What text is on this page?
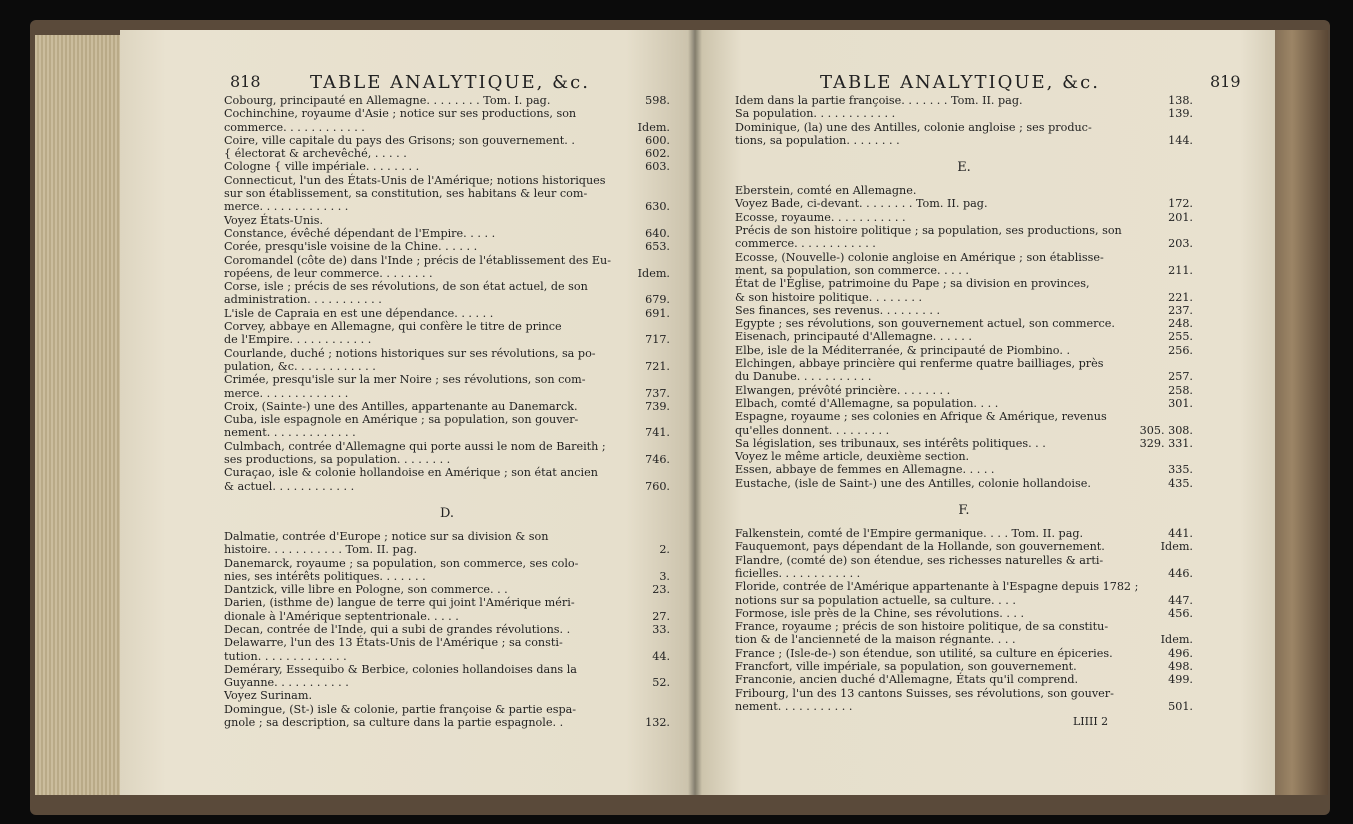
818	TABLE ANALYTIQUE, &c.
Cobourg, principauté en Allemagne. . . . . . . . Tom. I. pag.	598.
Cochinchine, royaume d'Asie ; notice sur ses productions, son
commerce. . . . . . . . . . . .	Idem.
Coire, ville capitale du pays des Grisons; son gouvernement. .	600.
{ électorat & archevêché, . . . . .	602.
Cologne { ville impériale. . . . . . . .	603.
Connecticut, l'un des États-Unis de l'Amérique; notions historiques
sur son établissement, sa constitution, ses habitans & leur com-
merce. . . . . . . . . . . . .	630.
Voyez États-Unis.
Constance, évêché dépendant de l'Empire. . . . .	640.
Corée, presqu'isle voisine de la Chine. . . . . .	653.
Coromandel (côte de) dans l'Inde ; précis de l'établissement des Eu-
ropéens, de leur commerce. . . . . . . .	Idem.
Corse, isle ; précis de ses révolutions, de son état actuel, de son
administration. . . . . . . . . . .	679.
L'isle de Capraia en est une dépendance. . . . . .	691.
Corvey, abbaye en Allemagne, qui confère le titre de prince
de l'Empire. . . . . . . . . . . .	717.
Courlande, duché ; notions historiques sur ses révolutions, sa po-
pulation, &c. . . . . . . . . . . .	721.
Crimée, presqu'isle sur la mer Noire ; ses révolutions, son com-
merce. . . . . . . . . . . . .	737.
Croix, (Sainte-) une des Antilles, appartenante au Danemarck.	739.
Cuba, isle espagnole en Amérique ; sa population, son gouver-
nement. . . . . . . . . . . . .	741.
Culmbach, contrée d'Allemagne qui porte aussi le nom de Bareith ;
ses productions, sa population. . . . . . . .	746.
Curaçao, isle & colonie hollandoise en Amérique ; son état ancien
& actuel. . . . . . . . . . . .	760.
D.
Dalmatie, contrée d'Europe ; notice sur sa division & son
histoire. . . . . . . . . . . Tom. II. pag.	2.
Danemarck, royaume ; sa population, son commerce, ses colo-
nies, ses intérêts politiques. . . . . . .	3.
Dantzick, ville libre en Pologne, son commerce. . .	23.
Darien, (isthme de) langue de terre qui joint l'Amérique méri-
dionale à l'Amérique septentrionale. . . . .	27.
Decan, contrée de l'Inde, qui a subi de grandes révolutions. .	33.
Delawarre, l'un des 13 États-Unis de l'Amérique ; sa consti-
tution. . . . . . . . . . . . .	44.
Demérary, Essequibo & Berbice, colonies hollandoises dans la
Guyanne. . . . . . . . . . .	52.
Voyez Surinam.
Domingue, (St-) isle & colonie, partie françoise & partie espa-
gnole ; sa description, sa culture dans la partie espagnole. .	132.
TABLE ANALYTIQUE, &c.	819
Idem dans la partie françoise. . . . . . . Tom. II. pag.	138.
Sa population. . . . . . . . . . . .	139.
Dominique, (la) une des Antilles, colonie angloise ; ses produc-
tions, sa population. . . . . . . .	144.
E.
Eberstein, comté en Allemagne.
Voyez Bade, ci-devant. . . . . . . . Tom. II. pag.	172.
Ecosse, royaume. . . . . . . . . . .	201.
Précis de son histoire politique ; sa population, ses productions, son
commerce. . . . . . . . . . . .	203.
Ecosse, (Nouvelle-) colonie angloise en Amérique ; son établisse-
ment, sa population, son commerce. . . . .	211.
État de l'Église, patrimoine du Pape ; sa division en provinces,
& son histoire politique. . . . . . . .	221.
Ses finances, ses revenus. . . . . . . . .	237.
Egypte ; ses révolutions, son gouvernement actuel, son commerce.	248.
Eisenach, principauté d'Allemagne. . . . . .	255.
Elbe, isle de la Méditerranée, & principauté de Piombino. .	256.
Elchingen, abbaye princière qui renferme quatre bailliages, près
du Danube. . . . . . . . . . .	257.
Elwangen, prévôté princière. . . . . . . .	258.
Elbach, comté d'Allemagne, sa population. . . .	301.
Espagne, royaume ; ses colonies en Afrique & Amérique, revenus
qu'elles donnent. . . . . . . . .	305. 308.
Sa législation, ses tribunaux, ses intérêts politiques. . .	329. 331.
Voyez le même article, deuxième section.
Essen, abbaye de femmes en Allemagne. . . . .	335.
Eustache, (isle de Saint-) une des Antilles, colonie hollandoise.	435.
F.
Falkenstein, comté de l'Empire germanique. . . . Tom. II. pag.	441.
Fauquemont, pays dépendant de la Hollande, son gouvernement.	Idem.
Flandre, (comté de) son étendue, ses richesses naturelles & arti-
ficielles. . . . . . . . . . . .	446.
Floride, contrée de l'Amérique appartenante à l'Espagne depuis 1782 ;
notions sur sa population actuelle, sa culture. . . .	447.
Formose, isle près de la Chine, ses révolutions. . . .	456.
France, royaume ; précis de son histoire politique, de sa constitu-
tion & de l'ancienneté de la maison régnante. . . .	Idem.
France ; (Isle-de-) son étendue, son utilité, sa culture en épiceries.	496.
Francfort, ville impériale, sa population, son gouvernement.	498.
Franconie, ancien duché d'Allemagne, États qu'il comprend.	499.
Fribourg, l'un des 13 cantons Suisses, ses révolutions, son gouver-
nement. . . . . . . . . . .	501.
LIIII 2
